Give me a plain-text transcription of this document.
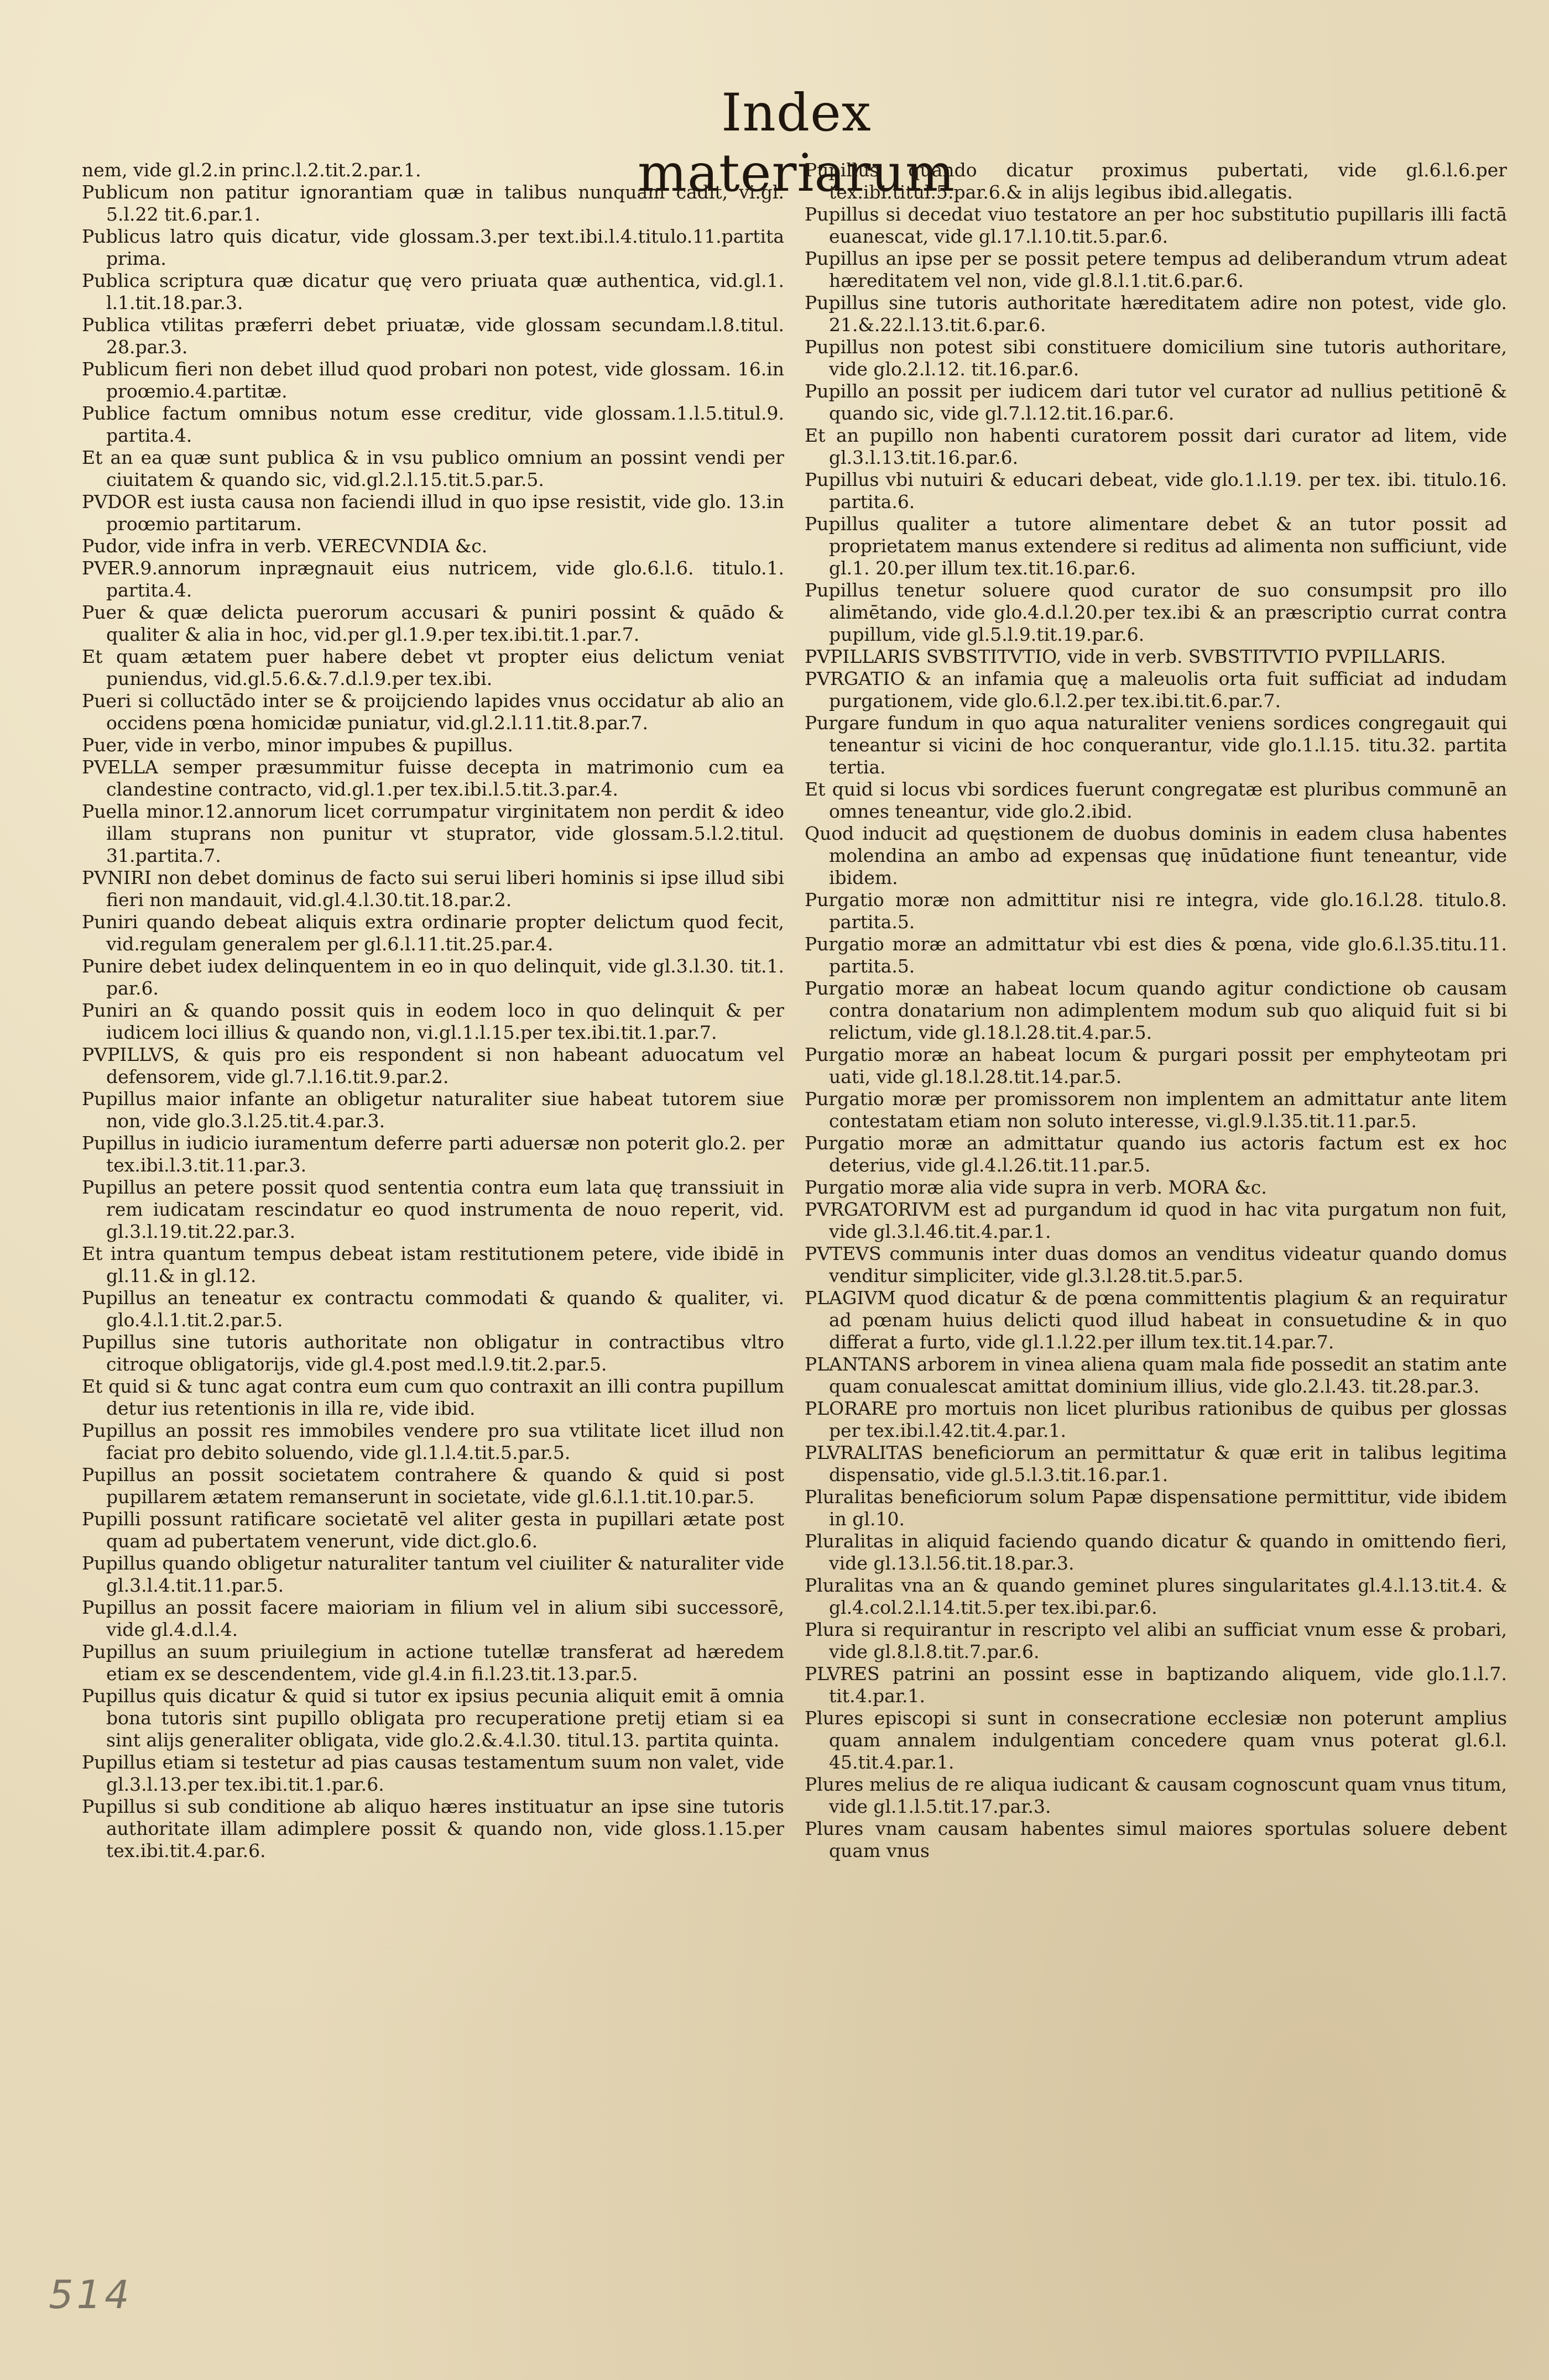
Index materiarum

nem, vide gl.2.in princ.l.2.tit.2.par.1.

Publicum non patitur ignorantiam quæ in talibus nunquam cadit, vi.gl. 5.l.22 tit.6.par.1.

Publicus latro quis dicatur, vide glossam.3.per text.ibi.l.4.titulo.11.partita prima.

Publica scriptura quæ dicatur quę vero priuata quæ authentica, vid.gl.1. l.1.tit.18.par.3.

Publica vtilitas præferri debet priuatæ, vide glossam secundam.l.8.titul. 28.par.3.

Publicum fieri non debet illud quod probari non potest, vide glossam. 16.in proœmio.4.partitæ.

Publice factum omnibus notum esse creditur, vide glossam.1.l.5.titul.9. partita.4.

Et an ea quæ sunt publica & in vsu publico omnium an possint vendi per ciuitatem & quando sic, vid.gl.2.l.15.tit.5.par.5.

PVDOR est iusta causa non faciendi illud in quo ipse resistit, vide glo. 13.in proœmio partitarum.

Pudor, vide infra in verb. VERECVNDIA &c.

PVER.9.annorum inprægnauit eius nutricem, vide glo.6.l.6. titulo.1. partita.4.

Puer & quæ delicta puerorum accusari & puniri possint & quādo & qualiter & alia in hoc, vid.per gl.1.9.per tex.ibi.tit.1.par.7.

Et quam ætatem puer habere debet vt propter eius delictum veniat puniendus, vid.gl.5.6.&.7.d.l.9.per tex.ibi.

Pueri si colluctādo inter se & proijciendo lapides vnus occidatur ab alio an occidens pœna homicidæ puniatur, vid.gl.2.l.11.tit.8.par.7.

Puer, vide in verbo, minor impubes & pupillus.

PVELLA semper præsummitur fuisse decepta in matrimonio cum ea clandestine contracto, vid.gl.1.per tex.ibi.l.5.tit.3.par.4.

Puella minor.12.annorum licet corrumpatur virginitatem non perdit & ideo illam stuprans non punitur vt stuprator, vide glossam.5.l.2.titul. 31.partita.7.

PVNIRI non debet dominus de facto sui serui liberi hominis si ipse illud sibi fieri non mandauit, vid.gl.4.l.30.tit.18.par.2.

Puniri quando debeat aliquis extra ordinarie propter delictum quod fecit, vid.regulam generalem per gl.6.l.11.tit.25.par.4.

Punire debet iudex delinquentem in eo in quo delinquit, vide gl.3.l.30. tit.1. par.6.

Puniri an & quando possit quis in eodem loco in quo delinquit & per iudicem loci illius & quando non, vi.gl.1.l.15.per tex.ibi.tit.1.par.7.

PVPILLVS, & quis pro eis respondent si non habeant aduocatum vel defensorem, vide gl.7.l.16.tit.9.par.2.

Pupillus maior infante an obligetur naturaliter siue habeat tutorem siue non, vide glo.3.l.25.tit.4.par.3.

Pupillus in iudicio iuramentum deferre parti aduersæ non poterit glo.2. per tex.ibi.l.3.tit.11.par.3.

Pupillus an petere possit quod sententia contra eum lata quę transsiuit in rem iudicatam rescindatur eo quod instrumenta de nouo reperit, vid. gl.3.l.19.tit.22.par.3.

Et intra quantum tempus debeat istam restitutionem petere, vide ibidē in gl.11.& in gl.12.

Pupillus an teneatur ex contractu commodati & quando & qualiter, vi. glo.4.l.1.tit.2.par.5.

Pupillus sine tutoris authoritate non obligatur in contractibus vltro citroque obligatorijs, vide gl.4.post med.l.9.tit.2.par.5.

Et quid si & tunc agat contra eum cum quo contraxit an illi contra pupillum detur ius retentionis in illa re, vide ibid.

Pupillus an possit res immobiles vendere pro sua vtilitate licet illud non faciat pro debito soluendo, vide gl.1.l.4.tit.5.par.5.

Pupillus an possit societatem contrahere & quando & quid si post pupillarem ætatem remanserunt in societate, vide gl.6.l.1.tit.10.par.5.

Pupilli possunt ratificare societatē vel aliter gesta in pupillari ætate post quam ad pubertatem venerunt, vide dict.glo.6.

Pupillus quando obligetur naturaliter tantum vel ciuiliter & naturaliter vide gl.3.l.4.tit.11.par.5.

Pupillus an possit facere maioriam in filium vel in alium sibi successorē, vide gl.4.d.l.4.

Pupillus an suum priuilegium in actione tutellæ transferat ad hæredem etiam ex se descendentem, vide gl.4.in fi.l.23.tit.13.par.5.

Pupillus quis dicatur & quid si tutor ex ipsius pecunia aliquit emit ā omnia bona tutoris sint pupillo obligata pro recuperatione pretij etiam si ea sint alijs generaliter obligata, vide glo.2.&.4.l.30. titul.13. partita quinta.

Pupillus etiam si testetur ad pias causas testamentum suum non valet, vide gl.3.l.13.per tex.ibi.tit.1.par.6.

Pupillus si sub conditione ab aliquo hæres instituatur an ipse sine tutoris authoritate illam adimplere possit & quando non, vide gloss.1.15.per tex.ibi.tit.4.par.6.

Pupillus quando dicatur proximus pubertati, vide gl.6.l.6.per tex.ibi.titul.5.par.6.& in alijs legibus ibid.allegatis.

Pupillus si decedat viuo testatore an per hoc substitutio pupillaris illi factā euanescat, vide gl.17.l.10.tit.5.par.6.

Pupillus an ipse per se possit petere tempus ad deliberandum vtrum adeat hæreditatem vel non, vide gl.8.l.1.tit.6.par.6.

Pupillus sine tutoris authoritate hæreditatem adire non potest, vide glo. 21.&.22.l.13.tit.6.par.6.

Pupillus non potest sibi constituere domicilium sine tutoris authoritare, vide glo.2.l.12. tit.16.par.6.

Pupillo an possit per iudicem dari tutor vel curator ad nullius petitionē & quando sic, vide gl.7.l.12.tit.16.par.6.

Et an pupillo non habenti curatorem possit dari curator ad litem, vide gl.3.l.13.tit.16.par.6.

Pupillus vbi nutuiri & educari debeat, vide glo.1.l.19. per tex. ibi. titulo.16. partita.6.

Pupillus qualiter a tutore alimentare debet & an tutor possit ad proprietatem manus extendere si reditus ad alimenta non sufficiunt, vide gl.1. 20.per illum tex.tit.16.par.6.

Pupillus tenetur soluere quod curator de suo consumpsit pro illo alimētando, vide glo.4.d.l.20.per tex.ibi & an præscriptio currat contra pupillum, vide gl.5.l.9.tit.19.par.6.

PVPILLARIS SVBSTITVTIO, vide in verb. SVBSTITVTIO PVPILLARIS.

PVRGATIO & an infamia quę a maleuolis orta fuit sufficiat ad indudam purgationem, vide glo.6.l.2.per tex.ibi.tit.6.par.7.

Purgare fundum in quo aqua naturaliter veniens sordices congregauit qui teneantur si vicini de hoc conquerantur, vide glo.1.l.15. titu.32. partita tertia.

Et quid si locus vbi sordices fuerunt congregatæ est pluribus communē an omnes teneantur, vide glo.2.ibid.

Quod inducit ad quęstionem de duobus dominis in eadem clusa habentes molendina an ambo ad expensas quę inūdatione fiunt teneantur, vide ibidem.

Purgatio moræ non admittitur nisi re integra, vide glo.16.l.28. titulo.8. partita.5.

Purgatio moræ an admittatur vbi est dies & pœna, vide glo.6.l.35.titu.11. partita.5.

Purgatio moræ an habeat locum quando agitur condictione ob causam contra donatarium non adimplentem modum sub quo aliquid fuit si bi relictum, vide gl.18.l.28.tit.4.par.5.

Purgatio moræ an habeat locum & purgari possit per emphyteotam pri uati, vide gl.18.l.28.tit.14.par.5.

Purgatio moræ per promissorem non implentem an admittatur ante litem contestatam etiam non soluto interesse, vi.gl.9.l.35.tit.11.par.5.

Purgatio moræ an admittatur quando ius actoris factum est ex hoc deterius, vide gl.4.l.26.tit.11.par.5.

Purgatio moræ alia vide supra in verb. MORA &c.

PVRGATORIVM est ad purgandum id quod in hac vita purgatum non fuit, vide gl.3.l.46.tit.4.par.1.

PVTEVS communis inter duas domos an venditus videatur quando domus venditur simpliciter, vide gl.3.l.28.tit.5.par.5.

PLAGIVM quod dicatur & de pœna committentis plagium & an requiratur ad pœnam huius delicti quod illud habeat in consuetudine & in quo differat a furto, vide gl.1.l.22.per illum tex.tit.14.par.7.

PLANTANS arborem in vinea aliena quam mala fide possedit an statim ante quam conualescat amittat dominium illius, vide glo.2.l.43. tit.28.par.3.

PLORARE pro mortuis non licet pluribus rationibus de quibus per glossas per tex.ibi.l.42.tit.4.par.1.

PLVRALITAS beneficiorum an permittatur & quæ erit in talibus legitima dispensatio, vide gl.5.l.3.tit.16.par.1.

Pluralitas beneficiorum solum Papæ dispensatione permittitur, vide ibidem in gl.10.

Pluralitas in aliquid faciendo quando dicatur & quando in omittendo fieri, vide gl.13.l.56.tit.18.par.3.

Pluralitas vna an & quando geminet plures singularitates gl.4.l.13.tit.4. & gl.4.col.2.l.14.tit.5.per tex.ibi.par.6.

Plura si requirantur in rescripto vel alibi an sufficiat vnum esse & probari, vide gl.8.l.8.tit.7.par.6.

PLVRES patrini an possint esse in baptizando aliquem, vide glo.1.l.7. tit.4.par.1.

Plures episcopi si sunt in consecratione ecclesiæ non poterunt amplius quam annalem indulgentiam concedere quam vnus poterat gl.6.l. 45.tit.4.par.1.

Plures melius de re aliqua iudicant & causam cognoscunt quam vnus titum, vide gl.1.l.5.tit.17.par.3.

Plures vnam causam habentes simul maiores sportulas soluere debent quam vnus

514
